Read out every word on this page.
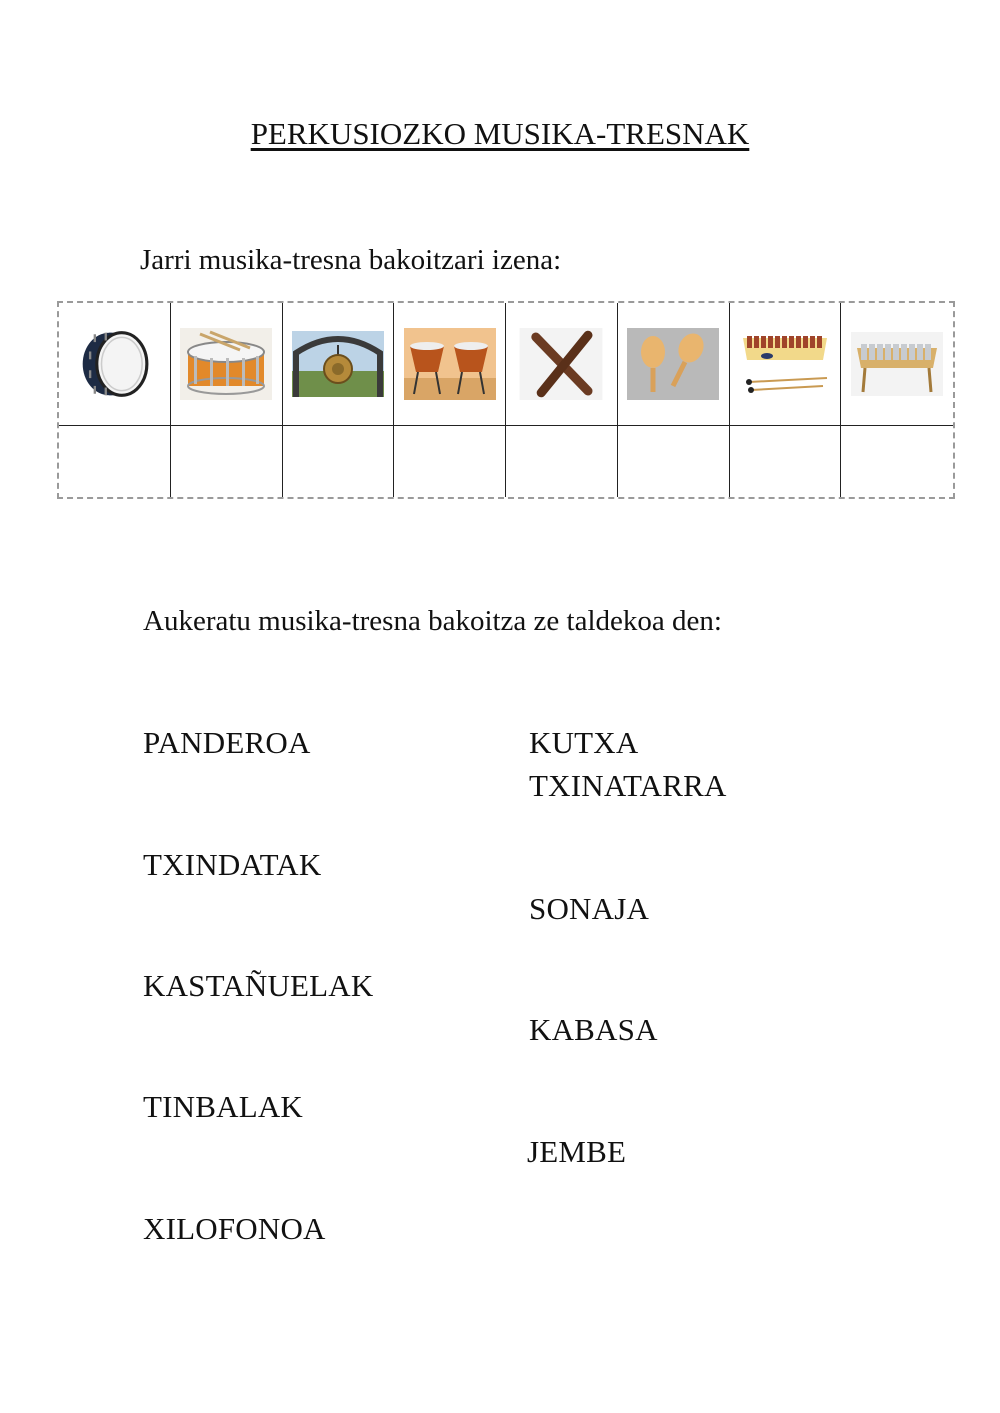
PERKUSIOZKO MUSIKA-TRESNAK
Jarri musika-tresna bakoitzari izena:
Aukeratu musika-tresna bakoitza ze taldekoa den:
PANDEROA
TXINDATAK
KASTAÑUELAK
TINBALAK
XILOFONOA
KUTXA
TXINATARRA
SONAJA
KABASA
JEMBE
